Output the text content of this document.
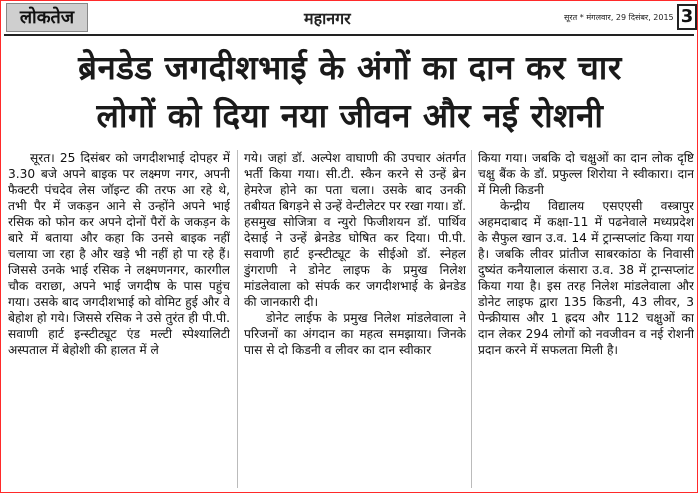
लोकतेज	महानगर	सूरत * मंगलवार, 29 दिसंबर, 2015 3
ब्रेनडेड जगदीशभाई के अंगों का दान कर चार
लोगों को दिया नया जीवन और नई रोशनी

सूरत। 25 दिसंबर को जगदीशभाई दोपहर में 3.30 बजे अपने बाइक पर लक्ष्मण नगर, अपनी फैक्टरी पंचदेव लेस जॉइन्ट की तरफ आ रहे थे, तभी पैर में जकड़न आने से उन्होंने अपने भाई रसिक को फोन कर अपने दोनों पैरों के जकड़न के बारे में बताया और कहा कि उनसे बाइक नहीं चलाया जा रहा है और खड़े भी नहीं हो पा रहे हैं। जिससे उनके भाई रसिक ने लक्ष्मणनगर, कारगील चौक वराछा, अपने भाई जगदीष के पास पहुंच गया। उसके बाद जगदीशभाई को वोमिट हुई और वे बेहोश हो गये। जिससे रसिक ने उसे तुरंत ही पी.पी. सवाणी हार्ट इन्स्टीट्यूट एंड मल्टी स्पेश्यालिटी अस्पताल में बेहोशी की हालत में ले

गये। जहां डॉ. अल्पेश वाघाणी की उपचार अंतर्गत भर्ती किया गया। सी.टी. स्कैन करने से उन्हें ब्रेन हेमरेज होने का पता चला। उसके बाद उनकी तबीयत बिगड़ने से उन्हें वेन्टीलेटर पर रखा गया। डॉ. हसमुख सोजित्रा व न्युरो फिजीशयन डॉ. पार्थिव देसाई ने उन्हें ब्रेनडेड घोषित कर दिया। पी.पी. सवाणी हार्ट इन्स्टीट्यूट के सीईओ डॉ. स्नेहल डुंगराणी ने डोनेट लाइफ के प्रमुख निलेश मांडलेवाला को संपर्क कर जगदीशभाई के ब्रेनडेड की जानकारी दी।

डोनेट लाईफ के प्रमुख निलेश मांडलेवाला ने परिजनों का अंगदान का महत्व समझाया। जिनके पास से दो किडनी व लीवर का दान स्वीकार

किया गया। जबकि दो चक्षुओं का दान लोक दृष्टि चक्षु बैंक के डॉ. प्रफुल्ल शिरोया ने स्वीकारा। दान में मिली किडनी

केन्द्रीय विद्यालय एसएएसी वस्त्रापुर अहमदाबाद में कक्षा-11 में पढनेवाले मध्यप्रदेश के सैफुल खान उ.व. 14 में ट्रान्सप्लांट किया गया है। जबकि लीवर प्रांतीज साबरकांठा के निवासी दुष्यंत कनैयालाल कंसारा उ.व. 38 में ट्रान्सप्लांट किया गया है। इस तरह निलेश मांडलेवाला और डोनेट लाइफ द्वारा 135 किडनी, 43 लीवर, 3 पेन्क्रीयास और 1 ह्रदय और 112 चक्षुओं का दान लेकर 294 लोगों को नवजीवन व नई रोशनी प्रदान करने में सफलता मिली है।
